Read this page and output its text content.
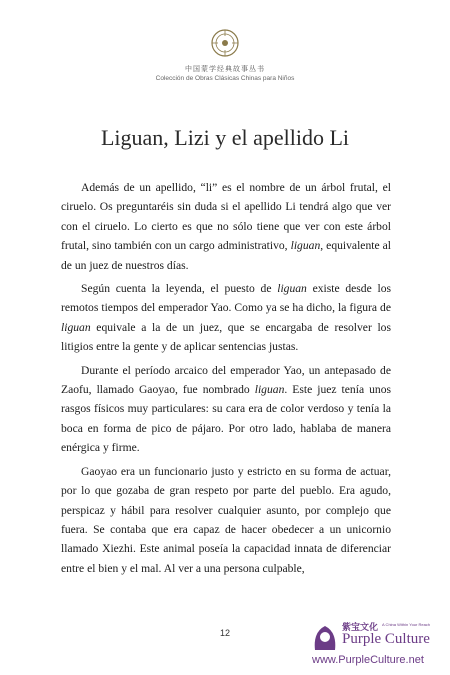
中国蒙学经典故事丛书
Colección de Obras Clásicas Chinas para Niños
Liguan, Lizi y el apellido Li

Además de un apellido, “li” es el nombre de un árbol frutal, el ciruelo. Os preguntaréis sin duda si el apellido Li tendrá algo que ver con el ciruelo. Lo cierto es que no sólo tiene que ver con este árbol frutal, sino también con un cargo administrativo, liguan, equivalente al de un juez de nuestros días.

Según cuenta la leyenda, el puesto de liguan existe desde los remotos tiempos del emperador Yao. Como ya se ha dicho, la figura de liguan equivale a la de un juez, que se encargaba de resolver los litigios entre la gente y de aplicar sentencias justas.

Durante el período arcaico del emperador Yao, un antepasado de Zaofu, llamado Gaoyao, fue nombrado liguan. Este juez tenía unos rasgos físicos muy particulares: su cara era de color verdoso y tenía la boca en forma de pico de pájaro. Por otro lado, hablaba de manera enérgica y firme.

Gaoyao era un funcionario justo y estricto en su forma de actuar, por lo que gozaba de gran respeto por parte del pueblo. Era agudo, perspicaz y hábil para resolver cualquier asunto, por complejo que fuera. Se contaba que era capaz de hacer obedecer a un unicornio llamado Xiezhi. Este animal poseía la capacidad innata de diferenciar entre el bien y el mal. Al ver a una persona culpable,

12	紫宝文化 A China Within Your Reach
Purple Culture
www.PurpleCulture.net
